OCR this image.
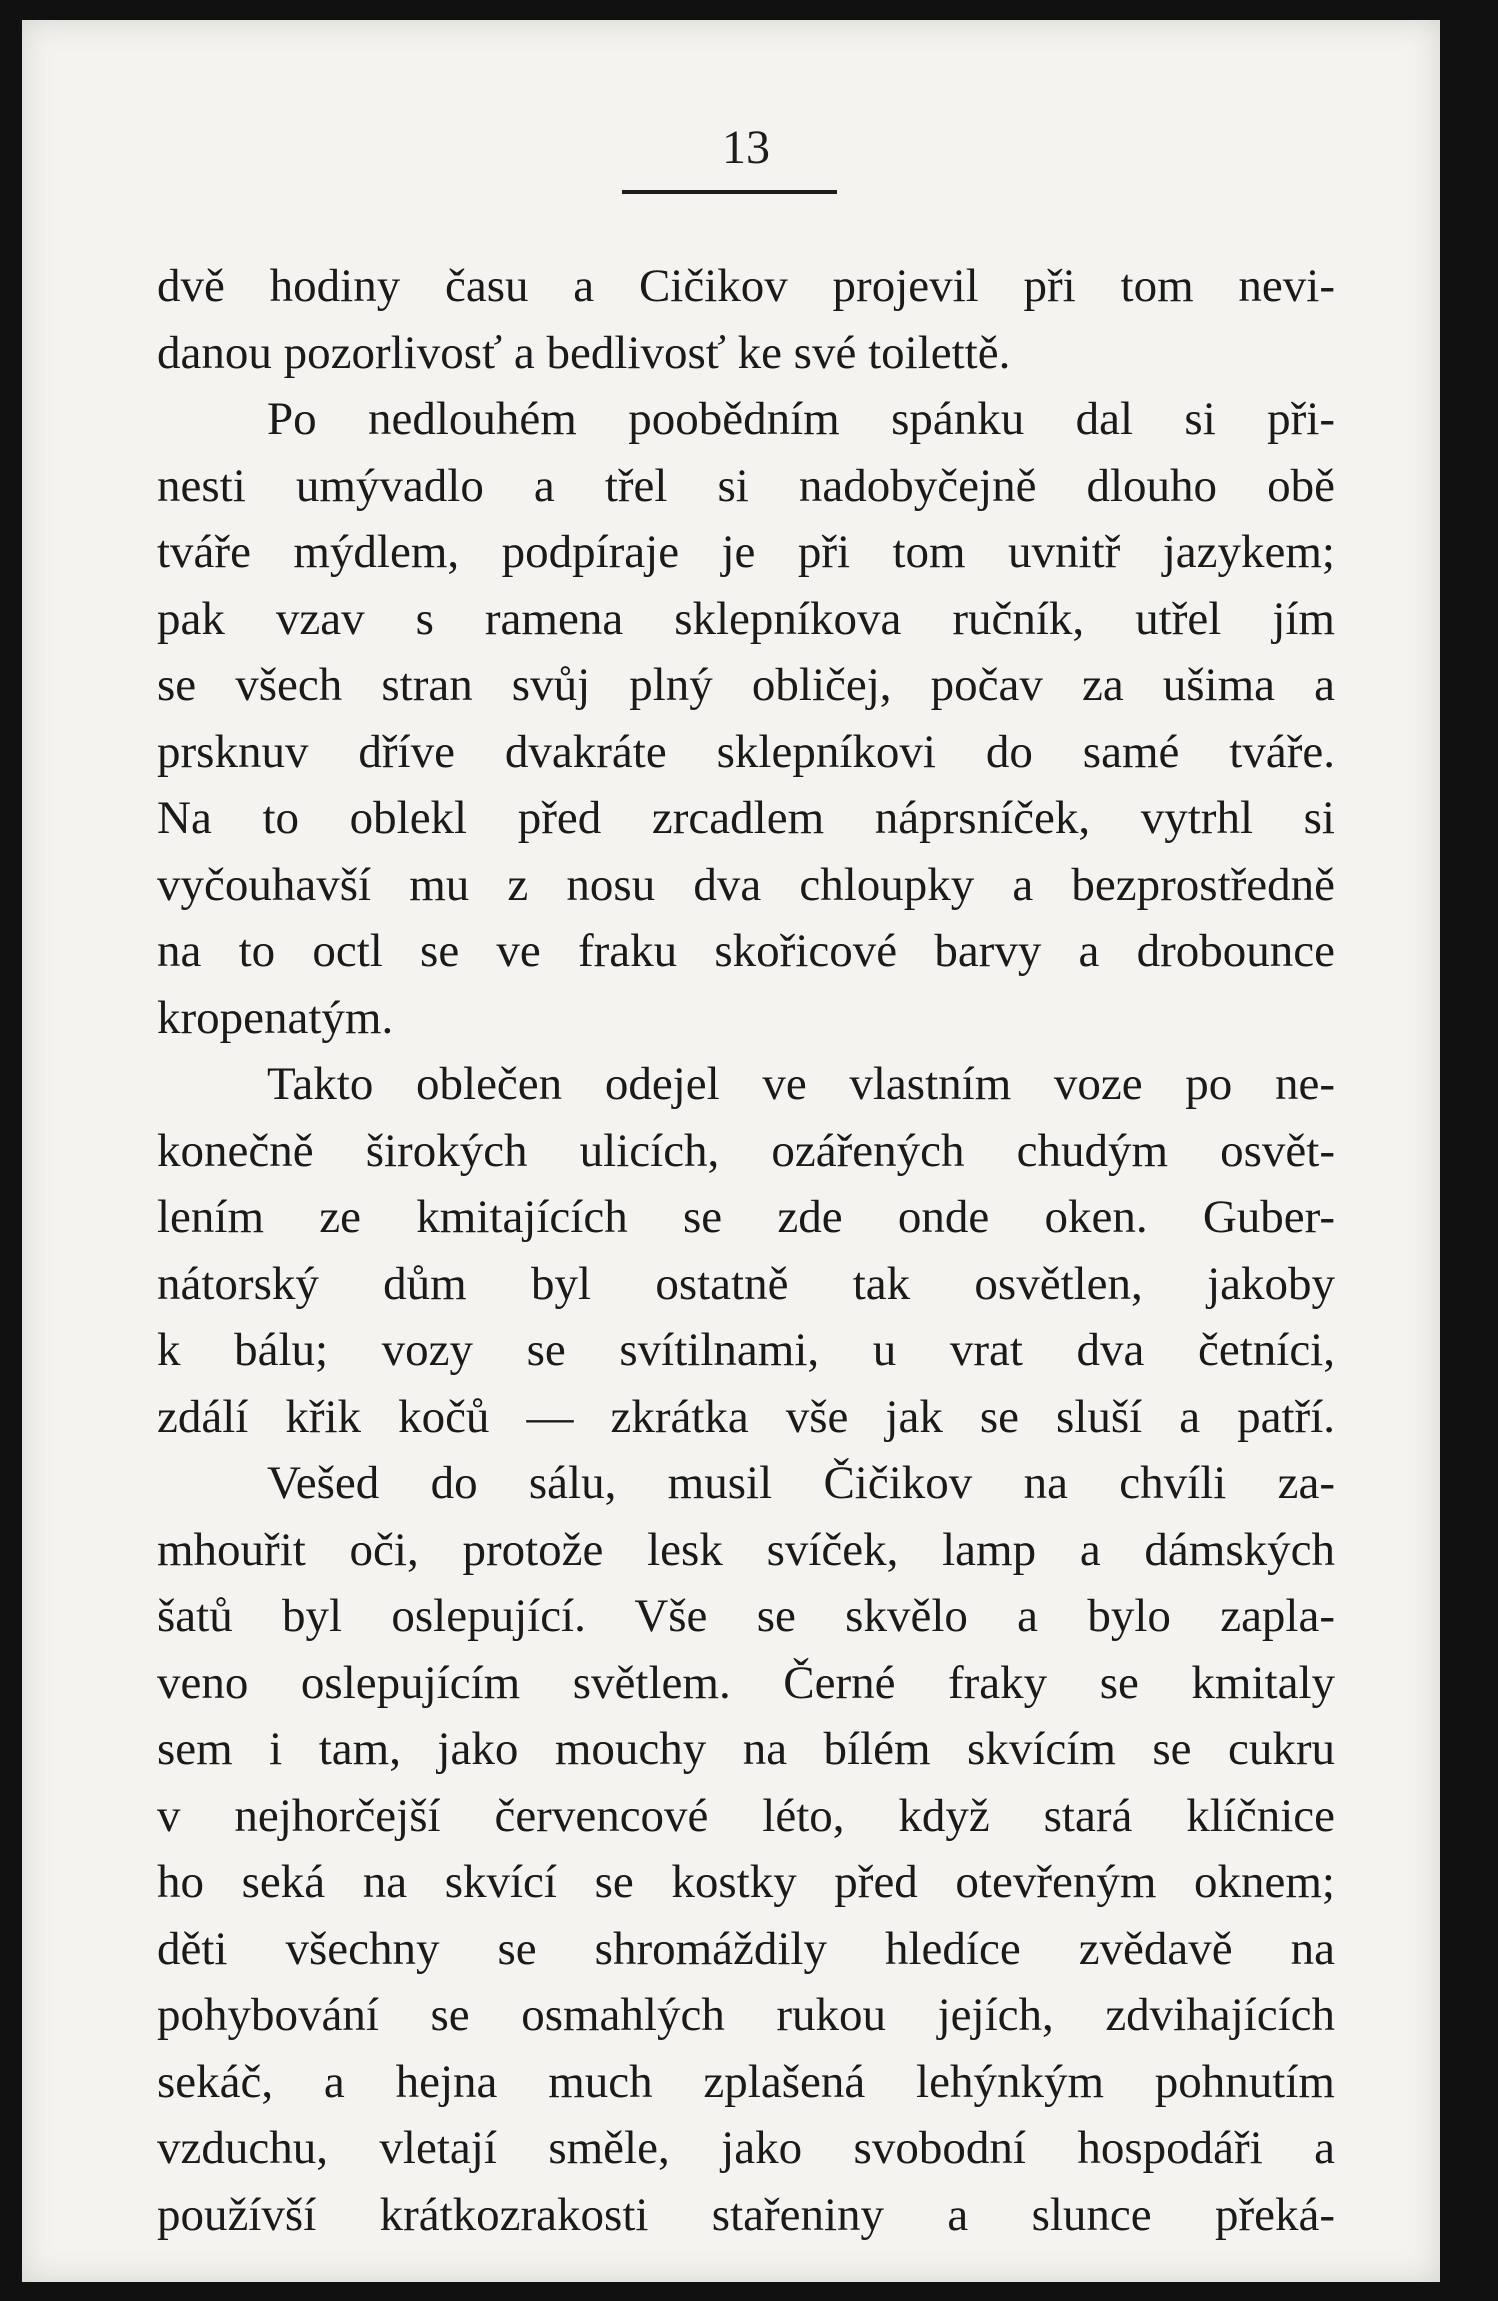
13
dvě hodiny času a Cičikov projevil při tom nevi-
danou pozorlivosť a bedlivosť ke své toilettě.
Po nedlouhém poobědním spánku dal si při-
nesti umývadlo a třel si nadobyčejně dlouho obě
tváře mýdlem, podpíraje je při tom uvnitř jazykem;
pak vzav s ramena sklepníkova ručník, utřel jím
se všech stran svůj plný obličej, počav za ušima a
prsknuv dříve dvakráte sklepníkovi do samé tváře.
Na to oblekl před zrcadlem náprsníček, vytrhl si
vyčouhavší mu z nosu dva chloupky a bezprostředně
na to octl se ve fraku skořicové barvy a drobounce
kropenatým.
Takto oblečen odejel ve vlastním voze po ne-
konečně širokých ulicích, ozářených chudým osvět-
lením ze kmitajících se zde onde oken. Guber-
nátorský dům byl ostatně tak osvětlen, jakoby
k bálu; vozy se svítilnami, u vrat dva četníci,
zdálí křik kočů — zkrátka vše jak se sluší a patří.
Vešed do sálu, musil Čičikov na chvíli za-
mhouřit oči, protože lesk svíček, lamp a dámských
šatů byl oslepující. Vše se skvělo a bylo zapla-
veno oslepujícím světlem. Černé fraky se kmitaly
sem i tam, jako mouchy na bílém skvícím se cukru
v nejhorčejší červencové léto, když stará klíčnice
ho seká na skvící se kostky před otevřeným oknem;
děti všechny se shromáždily hledíce zvědavě na
pohybování se osmahlých rukou jejích, zdvihajících
sekáč, a hejna much zplašená lehýnkým pohnutím
vzduchu, vletají směle, jako svobodní hospodáři a
používší krátkozrakosti stařeniny a slunce překá-
